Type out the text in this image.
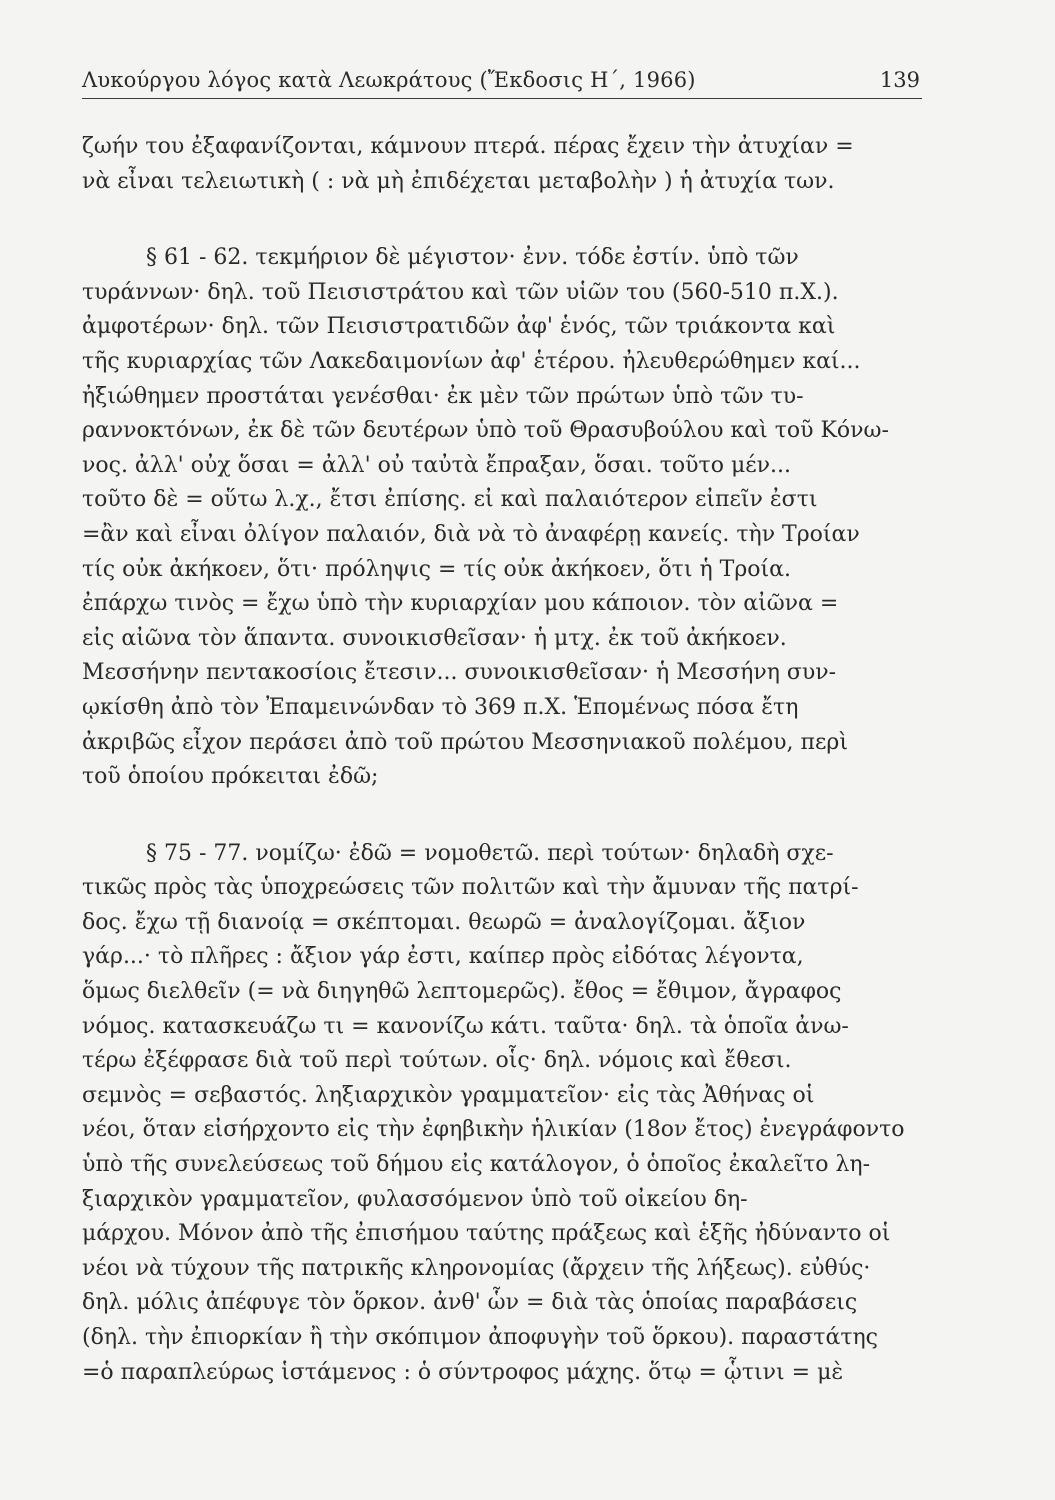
Λυκούργου λόγος κατὰ Λεωκράτους (Ἔκδοσις Η΄, 1966)	139
ζωήν του ἐξαφανίζονται, κάμνουν πτερά. πέρας ἔχειν τὴν ἀτυχίαν =
νὰ εἶναι τελειωτικὴ ( : νὰ μὴ ἐπιδέχεται μεταβολὴν ) ἡ ἀτυχία των.
§ 61 - 62. τεκμήριον δὲ μέγιστον· ἐνν. τόδε ἐστίν. ὑπὸ τῶν
τυράννων· δηλ. τοῦ Πεισιστράτου καὶ τῶν υἱῶν του (560-510 π.Χ.).
ἀμφοτέρων· δηλ. τῶν Πεισιστρατιδῶν ἀφ' ἑνός, τῶν τριάκοντα καὶ
τῆς κυριαρχίας τῶν Λακεδαιμονίων ἀφ' ἑτέρου. ἠλευθερώθημεν καί...
ἠξιώθημεν προστάται γενέσθαι· ἐκ μὲν τῶν πρώτων ὑπὸ τῶν τυ-
ραννοκτόνων, ἐκ δὲ τῶν δευτέρων ὑπὸ τοῦ Θρασυβούλου καὶ τοῦ Κόνω-
νος. ἀλλ' οὐχ ὅσαι = ἀλλ' οὐ ταὐτὰ ἔπραξαν, ὅσαι. τοῦτο μέν...
τοῦτο δὲ = οὕτω λ.χ., ἔτσι ἐπίσης. εἰ καὶ παλαιότερον εἰπεῖν ἐστι
=ἂν καὶ εἶναι ὀλίγον παλαιόν, διὰ νὰ τὸ ἀναφέρῃ κανείς. τὴν Τροίαν
τίς οὐκ ἀκήκοεν, ὅτι· πρόληψις = τίς οὐκ ἀκήκοεν, ὅτι ἡ Τροία.
ἐπάρχω τινὸς = ἔχω ὑπὸ τὴν κυριαρχίαν μου κάποιον. τὸν αἰῶνα =
εἰς αἰῶνα τὸν ἅπαντα. συνοικισθεῖσαν· ἡ μτχ. ἐκ τοῦ ἀκήκοεν.
Μεσσήνην πεντακοσίοις ἔτεσιν... συνοικισθεῖσαν· ἡ Μεσσήνη συν-
ῳκίσθη ἀπὸ τὸν Ἐπαμεινώνδαν τὸ 369 π.Χ. Ἑπομένως πόσα ἔτη
ἀκριβῶς εἶχον περάσει ἀπὸ τοῦ πρώτου Μεσσηνιακοῦ πολέμου, περὶ
τοῦ ὁποίου πρόκειται ἐδῶ;
§ 75 - 77. νομίζω· ἐδῶ = νομοθετῶ. περὶ τούτων· δηλαδὴ σχε-
τικῶς πρὸς τὰς ὑποχρεώσεις τῶν πολιτῶν καὶ τὴν ἄμυναν τῆς πατρί-
δος. ἔχω τῇ διανοίᾳ = σκέπτομαι. θεωρῶ = ἀναλογίζομαι. ἄξιον
γάρ...· τὸ πλῆρες : ἄξιον γάρ ἐστι, καίπερ πρὸς εἰδότας λέγοντα,
ὅμως διελθεῖν (= νὰ διηγηθῶ λεπτομερῶς). ἔθος = ἔθιμον, ἄγραφος
νόμος. κατασκευάζω τι = κανονίζω κάτι. ταῦτα· δηλ. τὰ ὁποῖα ἀνω-
τέρω ἐξέφρασε διὰ τοῦ περὶ τούτων. οἷς· δηλ. νόμοις καὶ ἔθεσι.
σεμνὸς = σεβαστός. ληξιαρχικὸν γραμματεῖον· εἰς τὰς Ἀθήνας οἱ
νέοι, ὅταν εἰσήρχοντο εἰς τὴν ἐφηβικὴν ἡλικίαν (18ον ἔτος) ἐνεγράφοντο
ὑπὸ τῆς συνελεύσεως τοῦ δήμου εἰς κατάλογον, ὁ ὁποῖος ἐκαλεῖτο λη-
ξιαρχικὸν γραμματεῖον, φυλασσόμενον ὑπὸ τοῦ οἰκείου δη-
μάρχου. Μόνον ἀπὸ τῆς ἐπισήμου ταύτης πράξεως καὶ ἑξῆς ἠδύναντο οἱ
νέοι νὰ τύχουν τῆς πατρικῆς κληρονομίας (ἄρχειν τῆς λήξεως). εὐθύς·
δηλ. μόλις ἀπέφυγε τὸν ὅρκον. ἀνθ' ὧν = διὰ τὰς ὁποίας παραβάσεις
(δηλ. τὴν ἐπιορκίαν ἢ τὴν σκόπιμον ἀποφυγὴν τοῦ ὅρκου). παραστάτης
=ὁ παραπλεύρως ἱστάμενος : ὁ σύντροφος μάχης. ὅτῳ = ᾧτινι = μὲ
